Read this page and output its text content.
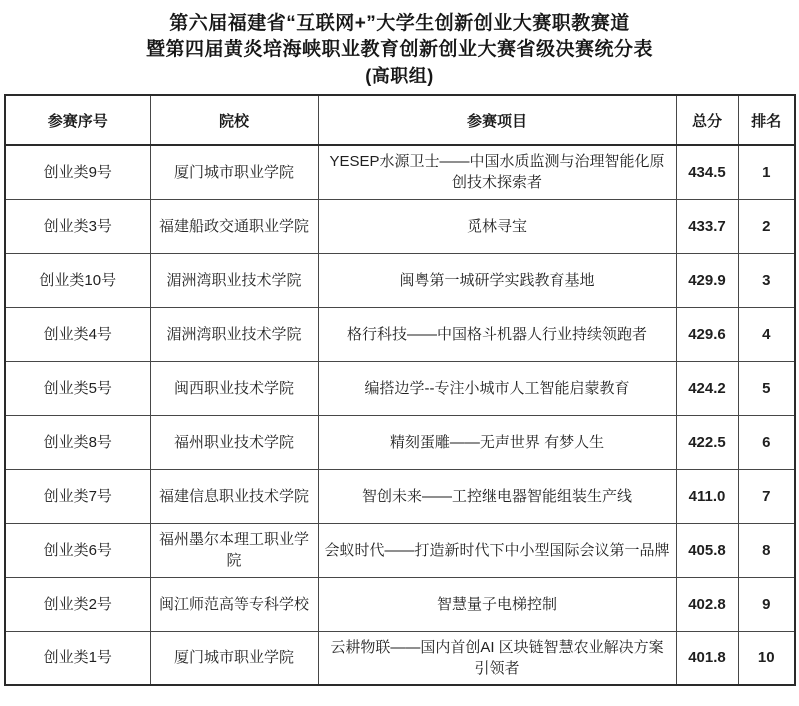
第六届福建省“互联网+”大学生创新创业大赛职教赛道
暨第四届黄炎培海峡职业教育创新创业大赛省级决赛统分表
(高职组)
参赛序号	院校	参赛项目	总分	排名
创业类9号	厦门城市职业学院	YESEP水源卫士——中国水质监测与治理智能化原创技术探索者	434.5	1
创业类3号	福建船政交通职业学院	觅林寻宝	433.7	2
创业类10号	湄洲湾职业技术学院	闽粤第一城研学实践教育基地	429.9	3
创业类4号	湄洲湾职业技术学院	格行科技——中国格斗机器人行业持续领跑者	429.6	4
创业类5号	闽西职业技术学院	编搭边学--专注小城市人工智能启蒙教育	424.2	5
创业类8号	福州职业技术学院	精刻蛋雕——无声世界 有梦人生	422.5	6
创业类7号	福建信息职业技术学院	智创未来——工控继电器智能组装生产线	411.0	7
创业类6号	福州墨尔本理工职业学院	会蚁时代——打造新时代下中小型国际会议第一品牌	405.8	8
创业类2号	闽江师范高等专科学校	智慧量子电梯控制	402.8	9
创业类1号	厦门城市职业学院	云耕物联——国内首创AI 区块链智慧农业解决方案引领者	401.8	10
